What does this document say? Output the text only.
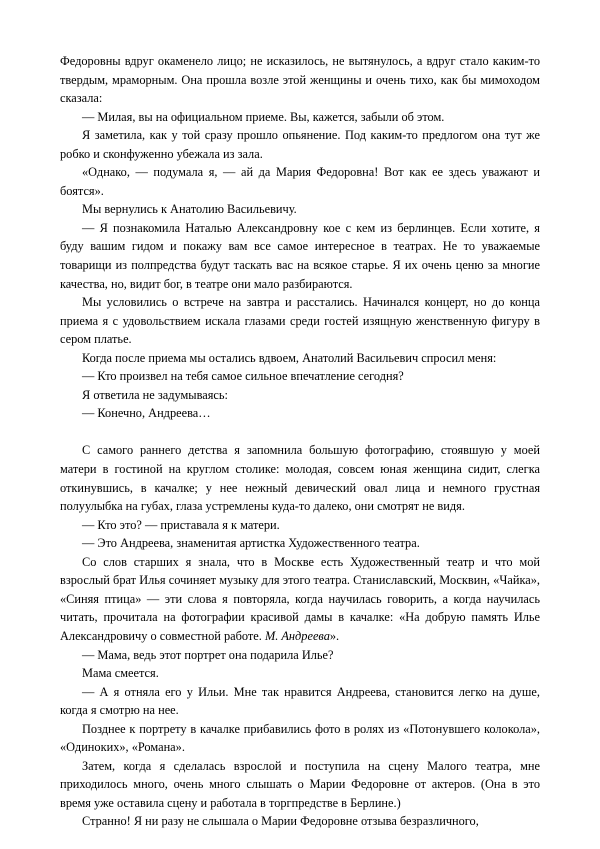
Федоровны вдруг окаменело лицо; не исказилось, не вытянулось, а вдруг стало каким-то твердым, мраморным. Она прошла возле этой женщины и очень тихо, как бы мимоходом сказала:

— Милая, вы на официальном приеме. Вы, кажется, забыли об этом.

Я заметила, как у той сразу прошло опьянение. Под каким-то предлогом она тут же робко и сконфуженно убежала из зала.

«Однако, — подумала я, — ай да Мария Федоровна! Вот как ее здесь уважают и боятся».

Мы вернулись к Анатолию Васильевичу.

— Я познакомила Наталью Александровну кое с кем из берлинцев. Если хотите, я буду вашим гидом и покажу вам все самое интересное в театрах. Не то уважаемые товарищи из полпредства будут таскать вас на всякое старье. Я их очень ценю за многие качества, но, видит бог, в театре они мало разбираются.

Мы условились о встрече на завтра и расстались. Начинался концерт, но до конца приема я с удовольствием искала глазами среди гостей изящную женственную фигуру в сером платье.

Когда после приема мы остались вдвоем, Анатолий Васильевич спросил меня:

— Кто произвел на тебя самое сильное впечатление сегодня?

Я ответила не задумываясь:

— Конечно, Андреева…

С самого раннего детства я запомнила большую фотографию, стоявшую у моей матери в гостиной на круглом столике: молодая, совсем юная женщина сидит, слегка откинувшись, в качалке; у нее нежный девический овал лица и немного грустная полуулыбка на губах, глаза устремлены куда-то далеко, они смотрят не видя.

— Кто это? — приставала я к матери.

— Это Андреева, знаменитая артистка Художественного театра.

Со слов старших я знала, что в Москве есть Художественный театр и что мой взрослый брат Илья сочиняет музыку для этого театра. Станиславский, Москвин, «Чайка», «Синяя птица» — эти слова я повторяла, когда научилась говорить, а когда научилась читать, прочитала на фотографии красивой дамы в качалке: «На добрую память Илье Александровичу о совместной работе. М. Андреева».

— Мама, ведь этот портрет она подарила Илье?

Мама смеется.

— А я отняла его у Ильи. Мне так нравится Андреева, становится легко на душе, когда я смотрю на нее.

Позднее к портрету в качалке прибавились фото в ролях из «Потонувшего колокола», «Одиноких», «Романа».

Затем, когда я сделалась взрослой и поступила на сцену Малого театра, мне приходилось много, очень много слышать о Марии Федоровне от актеров. (Она в это время уже оставила сцену и работала в торгпредстве в Берлине.)

Странно! Я ни разу не слышала о Марии Федоровне отзыва безразличного,
